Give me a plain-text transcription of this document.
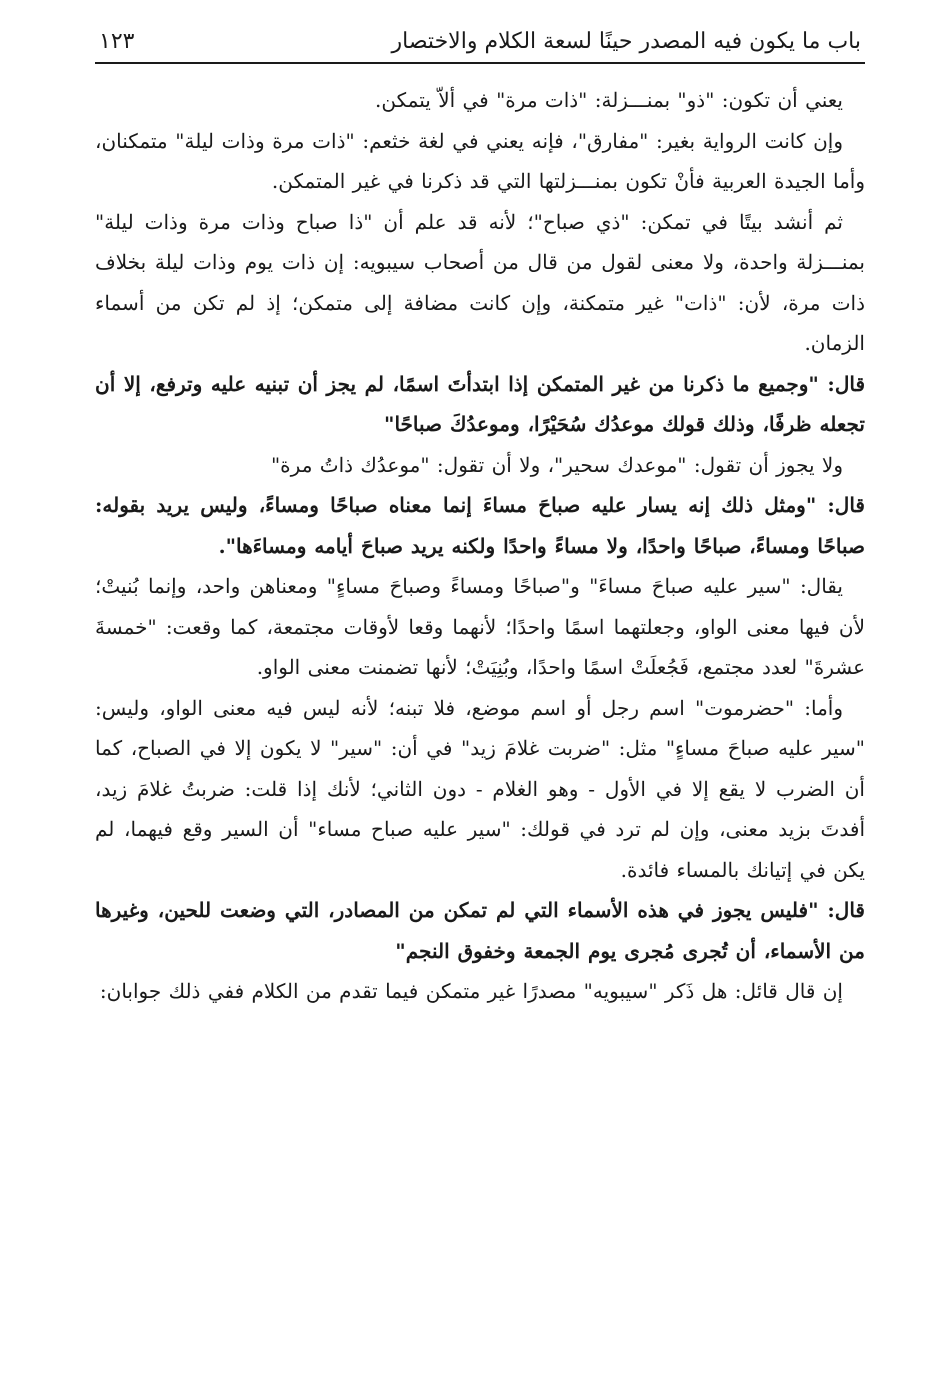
باب ما يكون فيه المصدر حينًا لسعة الكلام والاختصار
١٢٣

يعني أن تكون: "ذو" بمنـــزلة: "ذات مرة" في ألاّ يتمكن.

وإن كانت الرواية بغير: "مفارق"، فإنه يعني في لغة خثعم: "ذات مرة وذات ليلة" متمكنان، وأما الجيدة العربية فأنْ تكون بمنـــزلتها التي قد ذكرنا في غير المتمكن.

ثم أنشد بيتًا في تمكن: "ذي صباح"؛ لأنه قد علم أن "ذا صباح وذات مرة وذات ليلة" بمنـــزلة واحدة، ولا معنى لقول من قال من أصحاب سيبويه: إن ذات يوم وذات ليلة بخلاف ذات مرة، لأن: "ذات" غير متمكنة، وإن كانت مضافة إلى متمكن؛ إذ لم تكن من أسماء الزمان.

قال: "وجميع ما ذكرنا من غير المتمكن إذا ابتدأتَ اسمًا، لم يجز أن تبنيه عليه وترفع، إلا أن تجعله ظرفًا، وذلك قولك موعدُك سُحَيْرًا، وموعدُكَ صباحًا"

ولا يجوز أن تقول: "موعدك سحير"، ولا أن تقول: "موعدُك ذاتُ مرة"

قال: "ومثل ذلك إنه يسار عليه صباحَ مساءَ إنما معناه صباحًا ومساءً، وليس يريد بقوله: صباحًا ومساءً، صباحًا واحدًا، ولا مساءً واحدًا ولكنه يريد صباحَ أيامه ومساءَها".

يقال: "سير عليه صباحَ مساءَ" و"صباحًا ومساءً وصباحَ مساءٍ" ومعناهن واحد، وإنما بُنيتْ؛ لأن فيها معنى الواو، وجعلتهما اسمًا واحدًا؛ لأنهما وقعا لأوقات مجتمعة، كما وقعت: "خمسةَ عشرةَ" لعدد مجتمع، فَجُعلَتْ اسمًا واحدًا، وبُنِيَتْ؛ لأنها تضمنت معنى الواو.

وأما: "حضرموت" اسم رجل أو اسم موضع، فلا تبنه؛ لأنه ليس فيه معنى الواو، وليس: "سير عليه صباحَ مساءٍ" مثل: "ضربت غلامَ زيد" في أن: "سير" لا يكون إلا في الصباح، كما أن الضرب لا يقع إلا في الأول - وهو الغلام - دون الثاني؛ لأنك إذا قلت: ضربتُ غلامَ زيد، أفدتَ بزيد معنى، وإن لم ترد في قولك: "سير عليه صباح مساء" أن السير وقع فيهما، لم يكن في إتيانك بالمساء فائدة.

قال: "فليس يجوز في هذه الأسماء التي لم تمكن من المصادر، التي وضعت للحين، وغيرها من الأسماء، أن تُجرى مُجرى يوم الجمعة وخفوق النجم"

إن قال قائل: هل ذَكر "سيبويه" مصدرًا غير متمكن فيما تقدم من الكلام ففي ذلك جوابان:
